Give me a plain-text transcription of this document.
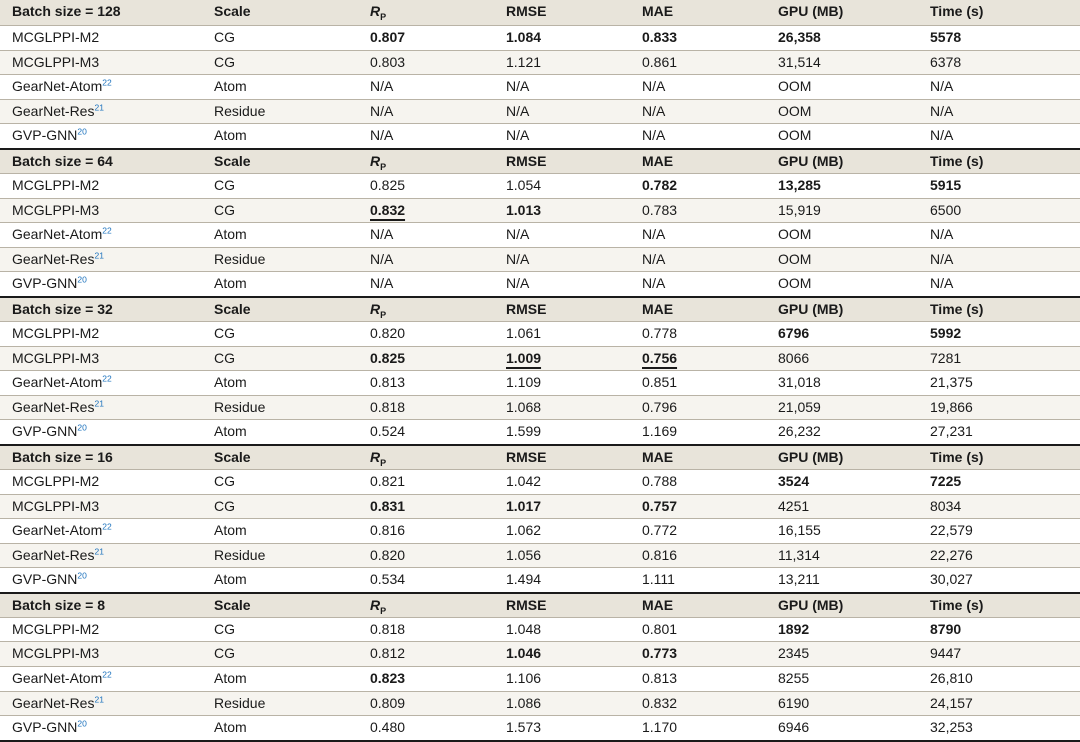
Batch size = 128	Scale	$R_P$	RMSE	MAE	GPU (MB)	Time (s)
MCGLPPI-M2	CG	0.807	1.084	0.833	26,358	5578
MCGLPPI-M3	CG	0.803	1.121	0.861	31,514	6378
GearNet-Atom$^{22}$	Atom	N/A	N/A	N/A	OOM	N/A
GearNet-Res$^{21}$	Residue	N/A	N/A	N/A	OOM	N/A
GVP-GNN$^{20}$	Atom	N/A	N/A	N/A	OOM	N/A
Batch size = 64	Scale	$R_P$	RMSE	MAE	GPU (MB)	Time (s)
MCGLPPI-M2	CG	0.825	1.054	0.782	13,285	5915
MCGLPPI-M3	CG	0.832	1.013	0.783	15,919	6500
GearNet-Atom$^{22}$	Atom	N/A	N/A	N/A	OOM	N/A
GearNet-Res$^{21}$	Residue	N/A	N/A	N/A	OOM	N/A
GVP-GNN$^{20}$	Atom	N/A	N/A	N/A	OOM	N/A
Batch size = 32	Scale	$R_P$	RMSE	MAE	GPU (MB)	Time (s)
MCGLPPI-M2	CG	0.820	1.061	0.778	6796	5992
MCGLPPI-M3	CG	0.825	1.009	0.756	8066	7281
GearNet-Atom$^{22}$	Atom	0.813	1.109	0.851	31,018	21,375
GearNet-Res$^{21}$	Residue	0.818	1.068	0.796	21,059	19,866
GVP-GNN$^{20}$	Atom	0.524	1.599	1.169	26,232	27,231
Batch size = 16	Scale	$R_P$	RMSE	MAE	GPU (MB)	Time (s)
MCGLPPI-M2	CG	0.821	1.042	0.788	3524	7225
MCGLPPI-M3	CG	0.831	1.017	0.757	4251	8034
GearNet-Atom$^{22}$	Atom	0.816	1.062	0.772	16,155	22,579
GearNet-Res$^{21}$	Residue	0.820	1.056	0.816	11,314	22,276
GVP-GNN$^{20}$	Atom	0.534	1.494	1.111	13,211	30,027
Batch size = 8	Scale	$R_P$	RMSE	MAE	GPU (MB)	Time (s)
MCGLPPI-M2	CG	0.818	1.048	0.801	1892	8790
MCGLPPI-M3	CG	0.812	1.046	0.773	2345	9447
GearNet-Atom$^{22}$	Atom	0.823	1.106	0.813	8255	26,810
GearNet-Res$^{21}$	Residue	0.809	1.086	0.832	6190	24,157
GVP-GNN$^{20}$	Atom	0.480	1.573	1.170	6946	32,253
